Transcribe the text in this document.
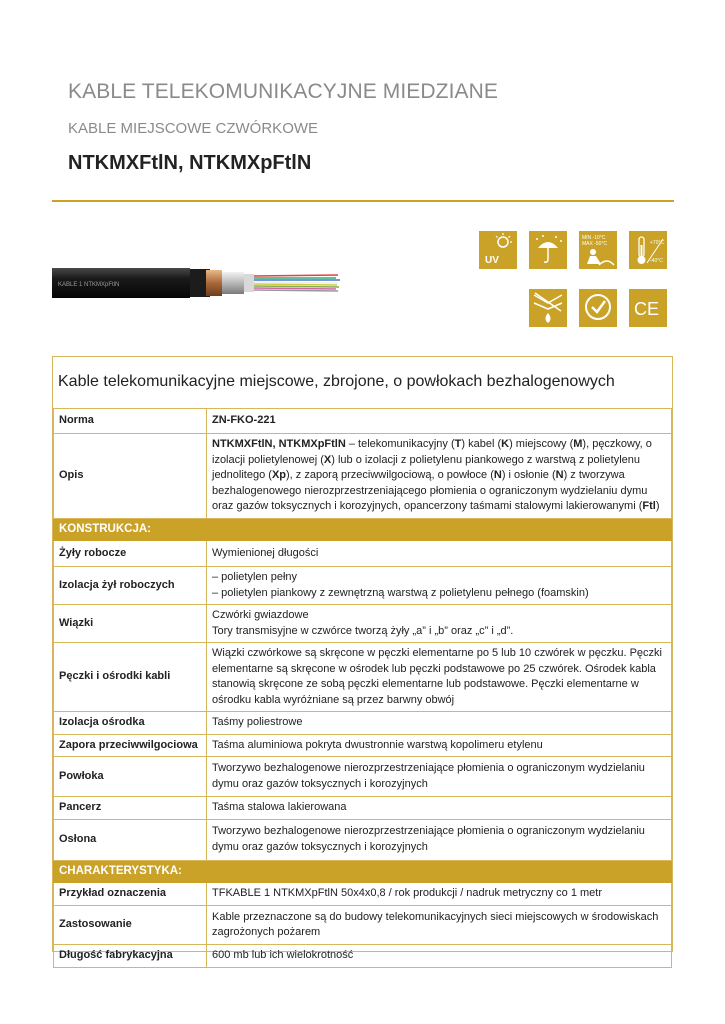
KABLE TELEKOMUNIKACYJNE MIEDZIANE
KABLE MIEJSCOWE CZWÓRKOWE
NTKMXFtlN, NTKMXpFtlN
KABLE 1 NTKMXpFtlN
UV
MIN -10°C
MAX -50°C	+70°C
-40°C
CE
Kable telekomunikacyjne miejscowe, zbrojone, o powłokach bezhalogenowych
Norma	ZN-FKO-221
Opis	NTKMXFtlN, NTKMXpFtlN – telekomunikacyjny (T) kabel (K) miejscowy (M), pęczkowy, o izolacji polietylenowej (X) lub o izolacji z polietylenu piankowego z warstwą z polietylenu jednolitego (Xp), z zaporą przeciwwilgociową, o powłoce (N) i osłonie (N) z tworzywa bezhalogenowego nierozprzestrzeniającego płomienia o ograniczonym wydzielaniu dymu oraz gazów toksycznych i korozyjnych, opancerzony taśmami stalowymi lakierowanymi (Ftl)
KONSTRUKCJA:	
Żyły robocze	Wymienionej długości
Izolacja żył roboczych	– polietylen pełny
– polietylen piankowy z zewnętrzną warstwą z polietylenu pełnego (foamskin)

Wiązki	Czwórki gwiazdowe
Tory transmisyjne w czwórce tworzą żyły „a” i „b” oraz „c” i „d”.

Pęczki i ośrodki kabli	Wiązki czwórkowe są skręcone w pęczki elementarne po 5 lub 10 czwórek w pęczku. Pęczki elementarne są skręcone w ośrodek lub pęczki podstawowe po 25 czwórek. Ośrodek kabla stanowią skręcone ze sobą pęczki elementarne lub podstawowe. Pęczki elementarne w ośrodku kabla wyróżniane są przez barwny obwój
Izolacja ośrodka	Taśmy poliestrowe
Zapora przeciwwilgociowa	Taśma aluminiowa pokryta dwustronnie warstwą kopolimeru etylenu
Powłoka	Tworzywo bezhalogenowe nierozprzestrzeniające płomienia o ograniczonym wydzielaniu dymu oraz gazów toksycznych i korozyjnych
Pancerz	Taśma stalowa lakierowana
Osłona	Tworzywo bezhalogenowe nierozprzestrzeniające płomienia o ograniczonym wydzielaniu dymu oraz gazów toksycznych i korozyjnych
CHARAKTERYSTYKA:	
Przykład oznaczenia	TFKABLE 1 NTKMXpFtlN 50x4x0,8 / rok produkcji / nadruk metryczny co 1 metr
Zastosowanie	Kable przeznaczone są do budowy telekomunikacyjnych sieci miejscowych w środowiskach zagrożonych pożarem
Długość fabrykacyjna	600 mb lub ich wielokrotność
